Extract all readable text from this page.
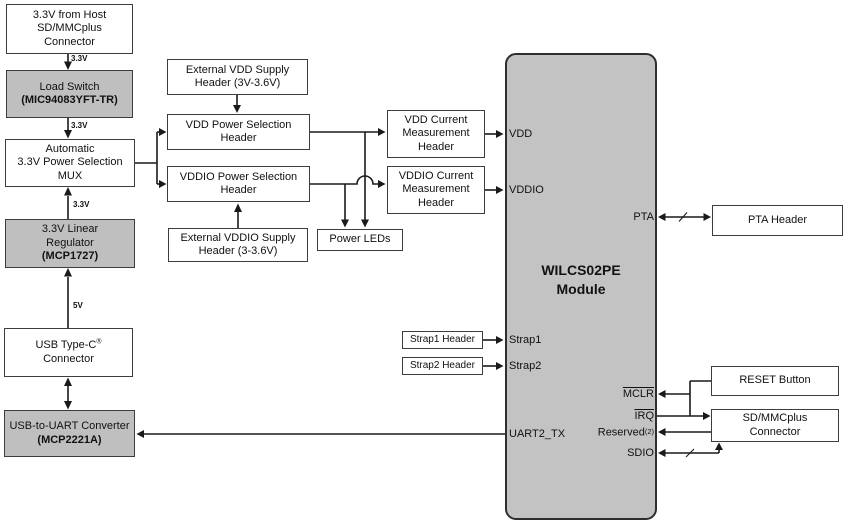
3.3V from Host
SD/MMCplus
Connector
Load Switch
(MIC94083YFT-TR)
Automatic
3.3V Power Selection
MUX
3.3V Linear
Regulator
(MCP1727)
USB Type-C®
Connector
USB-to-UART Converter
(MCP2221A)
3.3V
3.3V
3.3V
5V
External VDD Supply
Header (3V-3.6V)
VDD Power Selection
Header
VDDIO Power Selection
Header
External VDDIO Supply
Header (3-3.6V)
Power LEDs
VDD Current
Measurement
Header
VDDIO Current
Measurement
Header
Strap1 Header
Strap2 Header
WILCS02PE
Module
VDD
VDDIO
Strap1
Strap2
UART2_TX
PTA
MCLR
$\overline{IRQ}$
Reserved(2)
SDIO
PTA Header
RESET Button
SD/MMCplus
Connector
